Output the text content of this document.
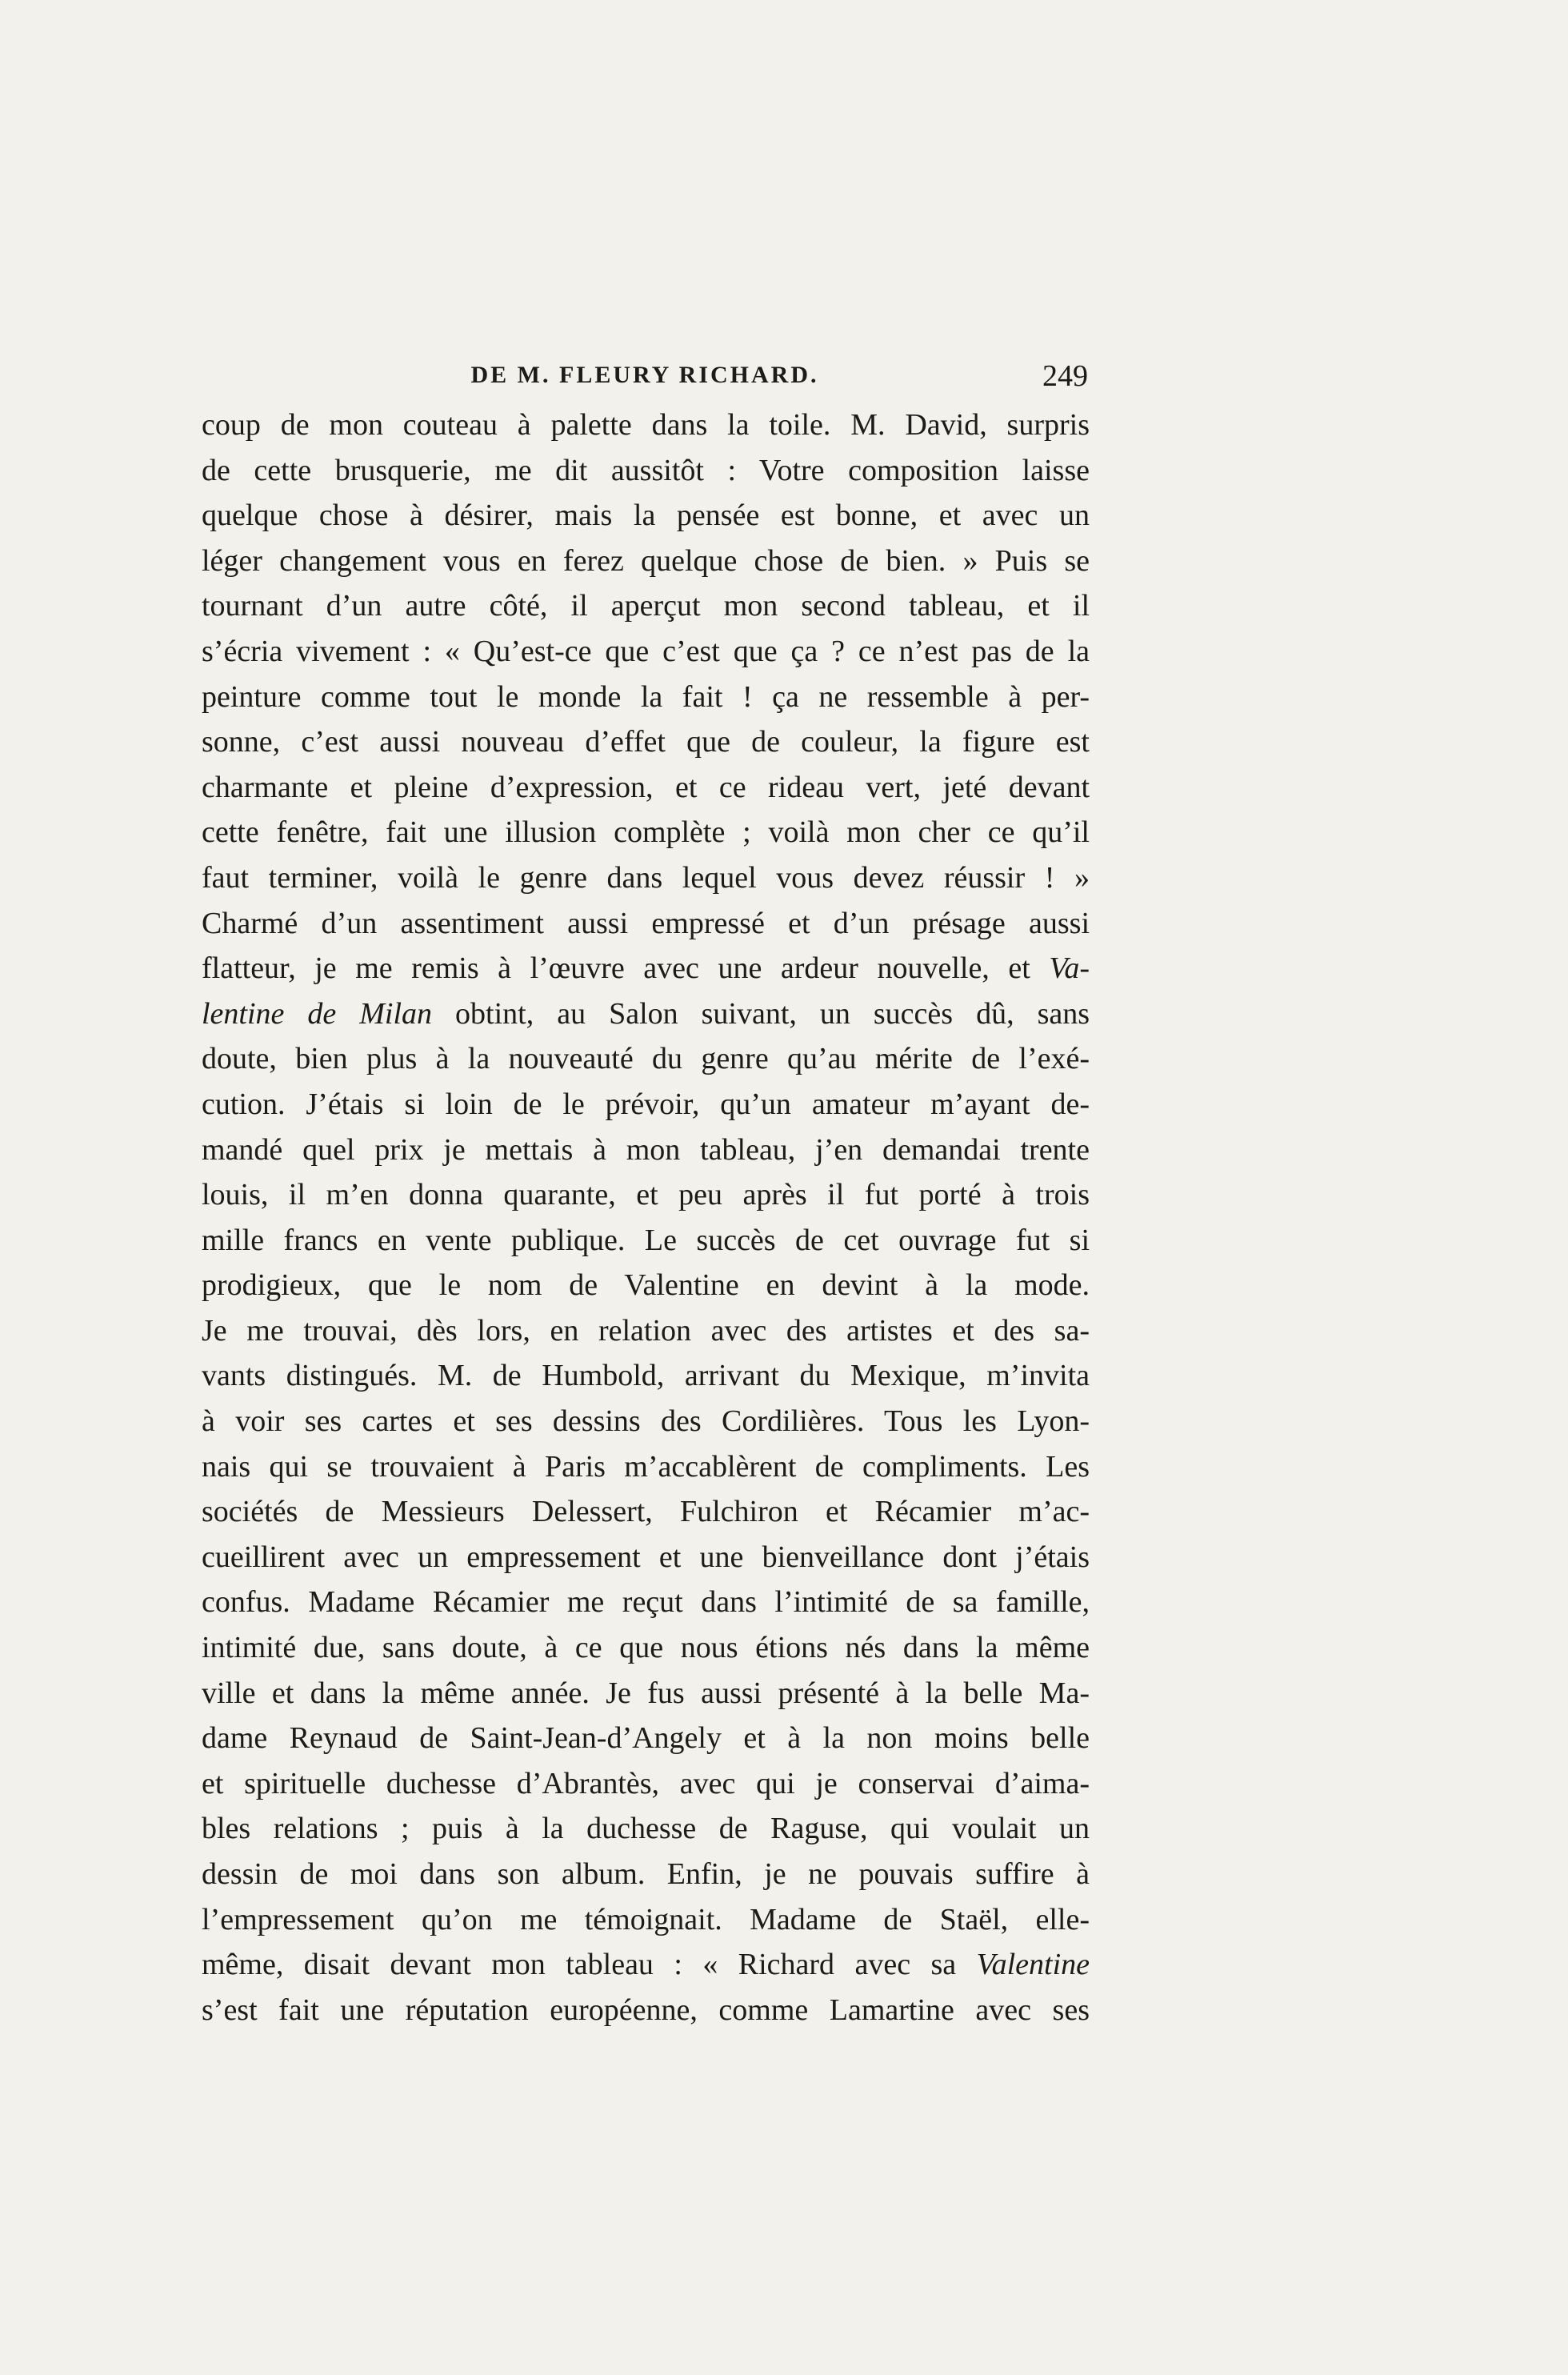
DE M. FLEURY RICHARD.	249
coup de mon couteau à palette dans la toile. M. David, surpris
de cette brusquerie, me dit aussitôt : Votre composition laisse
quelque chose à désirer, mais la pensée est bonne, et avec un
léger changement vous en ferez quelque chose de bien. » Puis se
tournant d’un autre côté, il aperçut mon second tableau, et il
s’écria vivement : « Qu’est-ce que c’est que ça ? ce n’est pas de la
peinture comme tout le monde la fait ! ça ne ressemble à per-
sonne, c’est aussi nouveau d’effet que de couleur, la figure est
charmante et pleine d’expression, et ce rideau vert, jeté devant
cette fenêtre, fait une illusion complète ; voilà mon cher ce qu’il
faut terminer, voilà le genre dans lequel vous devez réussir ! »
Charmé d’un assentiment aussi empressé et d’un présage aussi
flatteur, je me remis à l’œuvre avec une ardeur nouvelle, et Va-
lentine de Milan obtint, au Salon suivant, un succès dû, sans
doute, bien plus à la nouveauté du genre qu’au mérite de l’exé-
cution. J’étais si loin de le prévoir, qu’un amateur m’ayant de-
mandé quel prix je mettais à mon tableau, j’en demandai trente
louis, il m’en donna quarante, et peu après il fut porté à trois
mille francs en vente publique. Le succès de cet ouvrage fut si
prodigieux, que le nom de Valentine en devint à la mode.
Je me trouvai, dès lors, en relation avec des artistes et des sa-
vants distingués. M. de Humbold, arrivant du Mexique, m’invita
à voir ses cartes et ses dessins des Cordilières. Tous les Lyon-
nais qui se trouvaient à Paris m’accablèrent de compliments. Les
sociétés de Messieurs Delessert, Fulchiron et Récamier m’ac-
cueillirent avec un empressement et une bienveillance dont j’étais
confus. Madame Récamier me reçut dans l’intimité de sa famille,
intimité due, sans doute, à ce que nous étions nés dans la même
ville et dans la même année. Je fus aussi présenté à la belle Ma-
dame Reynaud de Saint-Jean-d’Angely et à la non moins belle
et spirituelle duchesse d’Abrantès, avec qui je conservai d’aima-
bles relations ; puis à la duchesse de Raguse, qui voulait un
dessin de moi dans son album. Enfin, je ne pouvais suffire à
l’empressement qu’on me témoignait. Madame de Staël, elle-
même, disait devant mon tableau : « Richard avec sa Valentine
s’est fait une réputation européenne, comme Lamartine avec ses
